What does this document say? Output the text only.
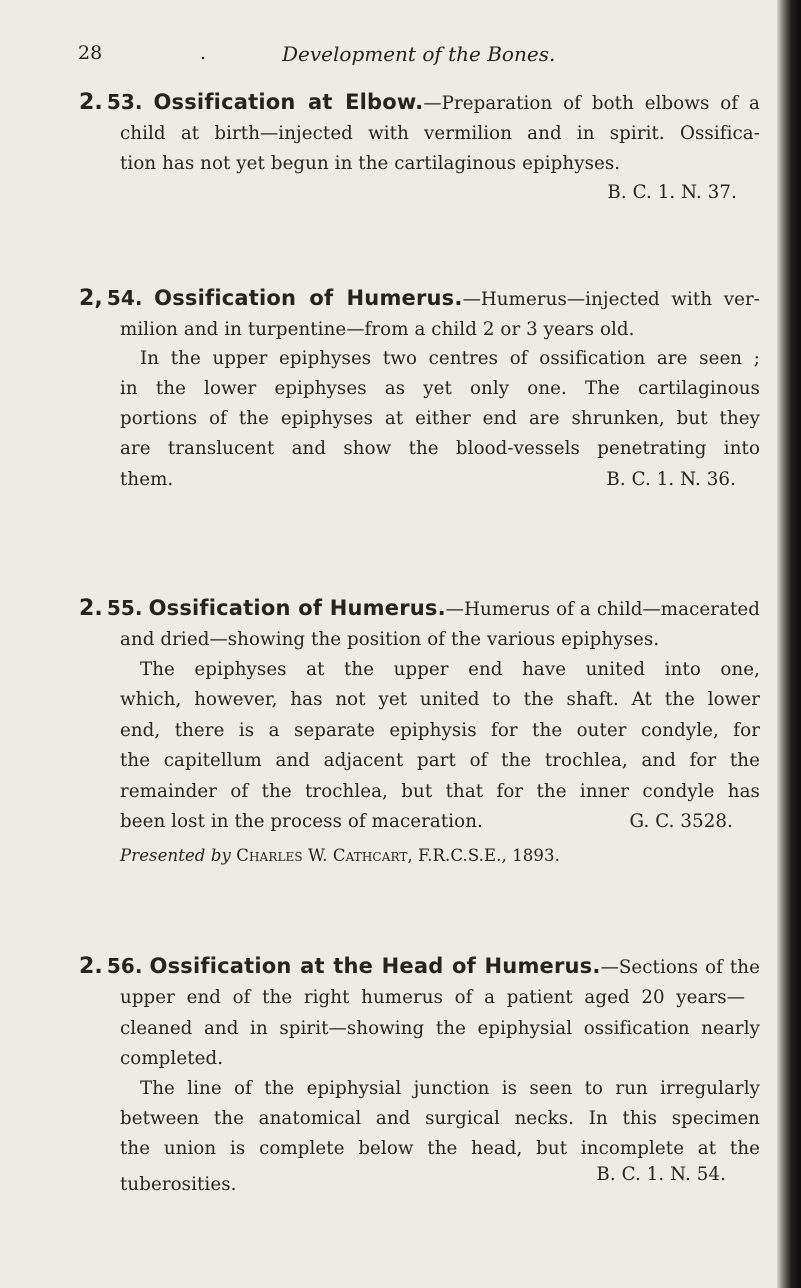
28	.	Development of the Bones.
2. 53. Ossification at Elbow.—Preparation of both elbows of a
child at birth—injected with vermilion and in spirit. Ossifica-
tion has not yet begun in the cartilaginous epiphyses.
B. C. 1. N. 37.
2, 54. Ossification of Humerus.—Humerus—injected with ver-
milion and in turpentine—from a child 2 or 3 years old.
In the upper epiphyses two centres of ossification are seen ;
in the lower epiphyses as yet only one. The cartilaginous
portions of the epiphyses at either end are shrunken, but they
are translucent and show the blood-vessels penetrating into
them.	B. C. 1. N. 36.
2. 55. Ossification of Humerus.—Humerus of a child—macerated
and dried—showing the position of the various epiphyses.
The epiphyses at the upper end have united into one,
which, however, has not yet united to the shaft. At the lower
end, there is a separate epiphysis for the outer condyle, for
the capitellum and adjacent part of the trochlea, and for the
remainder of the trochlea, but that for the inner condyle has
been lost in the process of maceration.	G. C. 3528.
Presented by Charles W. Cathcart, F.R.C.S.E., 1893.
2. 56. Ossification at the Head of Humerus.—Sections of the
upper end of the right humerus of a patient aged 20 years—
cleaned and in spirit—showing the epiphysial ossification nearly
completed.
The line of the epiphysial junction is seen to run irregularly
between the anatomical and surgical necks. In this specimen
the union is complete below the head, but incomplete at the
tuberosities.	B. C. 1. N. 54.
